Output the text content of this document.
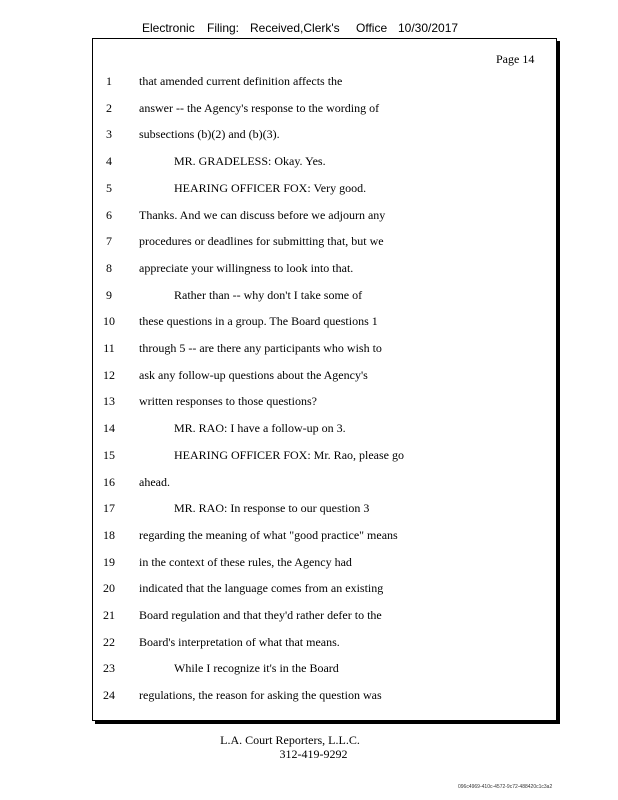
Electronic Filing: Received,Clerk's Office 10/30/2017
Page 14
1	that amended current definition affects the
2	answer -- the Agency's response to the wording of
3	subsections (b)(2) and (b)(3).
4	MR. GRADELESS: Okay. Yes.
5	HEARING OFFICER FOX: Very good.
6	Thanks. And we can discuss before we adjourn any
7	procedures or deadlines for submitting that, but we
8	appreciate your willingness to look into that.
9	Rather than -- why don't I take some of
10 these questions in a group. The Board questions 1
11 through 5 -- are there any participants who wish to
12 ask any follow-up questions about the Agency's
13 written responses to those questions?
14	MR. RAO: I have a follow-up on 3.
15	HEARING OFFICER FOX: Mr. Rao, please go
16 ahead.
17	MR. RAO: In response to our question 3
18 regarding the meaning of what "good practice" means
19 in the context of these rules, the Agency had
20 indicated that the language comes from an existing
21 Board regulation and that they'd rather defer to the
22 Board's interpretation of what that means.
23	While I recognize it's in the Board
24 regulations, the reason for asking the question was
L.A. Court Reporters, L.L.C.
312-419-9292
096c4969-410c-4572-9c72-488420c1c3a2
